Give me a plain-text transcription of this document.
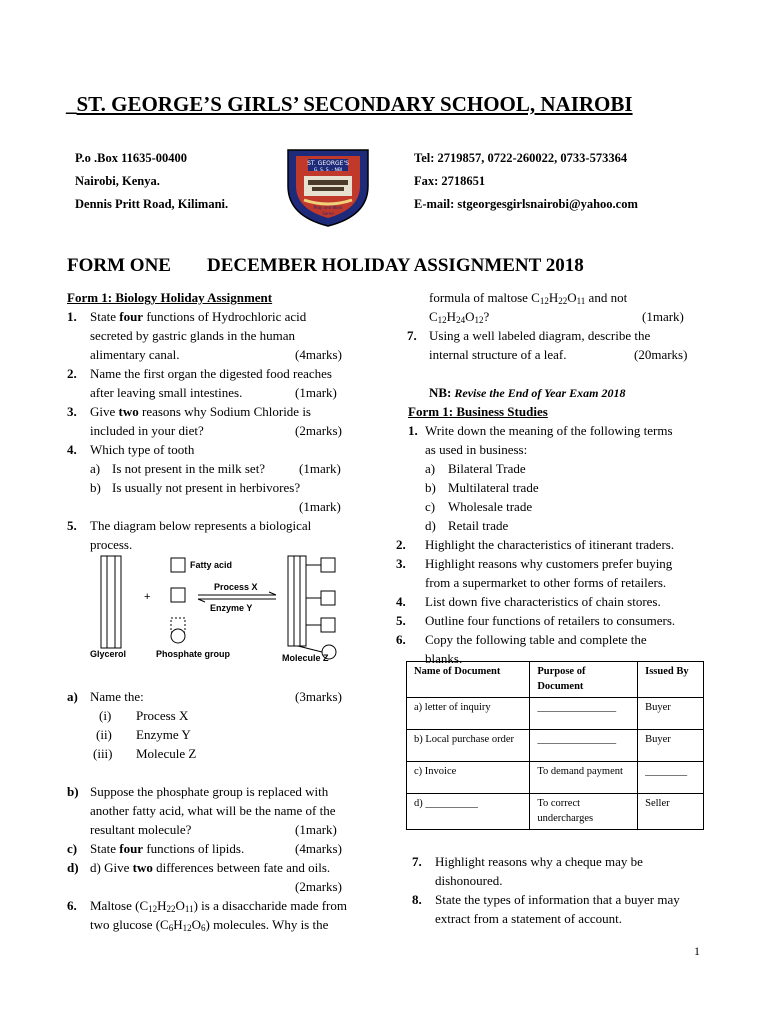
_ST. GEORGE’S GIRLS’ SECONDARY SCHOOL, NAIROBI
P.o .Box 11635-00400
Nairobi, Kenya.
Dennis Pritt Road, Kilimani.
ST. GEORGE'S
G. S. S. - NBI
Pray and Work
Serve
Tel: 2719857, 0722-260022, 0733-573364
Fax: 2718651
E-mail: stgeorgesgirlsnairobi@yahoo.com
FORM ONE DECEMBER HOLIDAY ASSIGNMENT 2018
Form 1: Biology Holiday Assignment
1. State four functions of Hydrochloric acid
secreted by gastric glands in the human
alimentary canal.	(4marks)
2. Name the first organ the digested food reaches
after leaving small intestines.	(1mark)
3. Give two reasons why Sodium Chloride is
included in your diet?	(2marks)
4. Which type of tooth
a) Is not present in the milk set?	(1mark)
b) Is usually not present in herbivores?
(1mark)
5. The diagram below represents a biological
process.
+
Fatty acid
Process X
Enzyme Y
Glycerol	Phosphate group	Molecule Z
a) Name the:	(3marks)
(i) Process X
(ii) Enzyme Y
(iii) Molecule Z
b) Suppose the phosphate group is replaced with
another fatty acid, what will be the name of the
resultant molecule?	(1mark)
c) State four functions of lipids.	(4marks)
d) d) Give two differences between fate and oils.
(2marks)
6. Maltose $(C_{12}H_{22}O_{11})$ is a disaccharide made from
two glucose $(C_6H_{12}O_6)$ molecules. Why is the
formula of maltose $C_{12}H_{22}O_{11}$ and not
$C_{12}H_{24}O_{12}$?	(1mark)
7. Using a well labeled diagram, describe the
internal structure of a leaf.	(20marks)
NB: Revise the End of Year Exam 2018
Form 1: Business Studies
1. Write down the meaning of the following terms
as used in business:
a) Bilateral Trade
b) Multilateral trade
c) Wholesale trade
d) Retail trade
2. Highlight the characteristics of itinerant traders.
3. Highlight reasons why customers prefer buying
from a supermarket to other forms of retailers.
4. List down five characteristics of chain stores.
5. Outline four functions of retailers to consumers.
6. Copy the following table and complete the
blanks.
Name of Document	Purpose of Document	Issued By
a) letter of inquiry	_______________	Buyer
b) Local purchase order	_______________	Buyer
c) Invoice	To demand payment	________
d) __________	To correct undercharges	Seller
7. Highlight reasons why a cheque may be
dishonoured.
8. State the types of information that a buyer may
extract from a statement of account.
1
